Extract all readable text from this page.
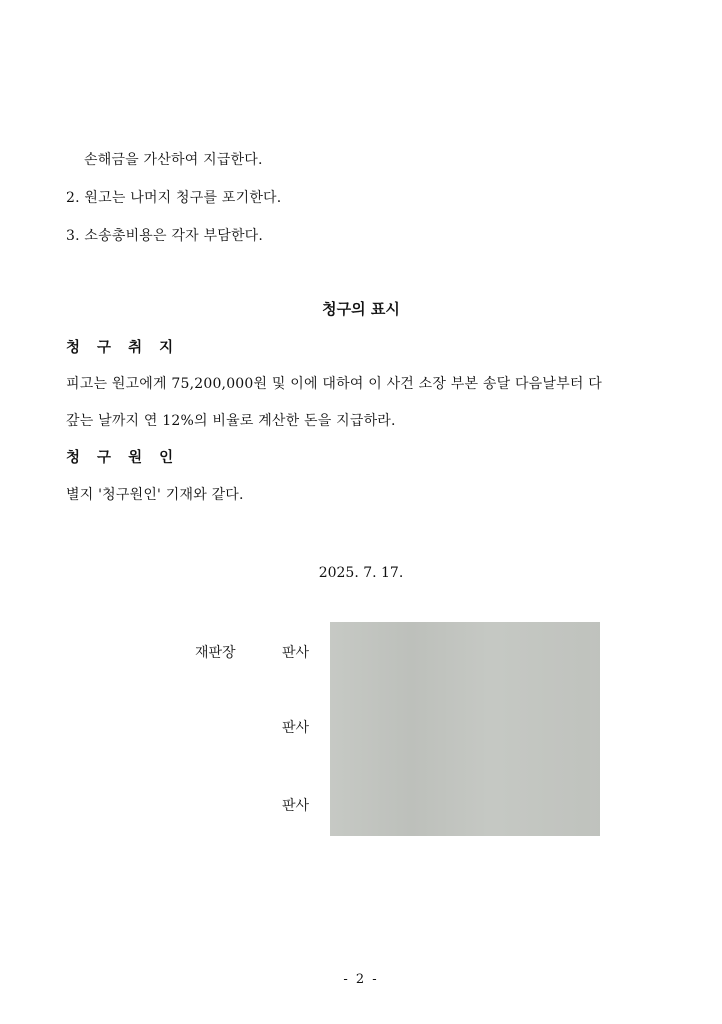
손해금을 가산하여 지급한다.
2. 원고는 나머지 청구를 포기한다.
3. 소송총비용은 각자 부담한다.
청구의 표시
청 구 취 지
피고는 원고에게 75,200,000원 및 이에 대하여 이 사건 소장 부본 송달 다음날부터 다
갚는 날까지 연 12%의 비율로 계산한 돈을 지급하라.
청 구 원 인
별지 '청구원인' 기재와 같다.
2025. 7. 17.
재판장	판사
판사
판사
- 2 -
